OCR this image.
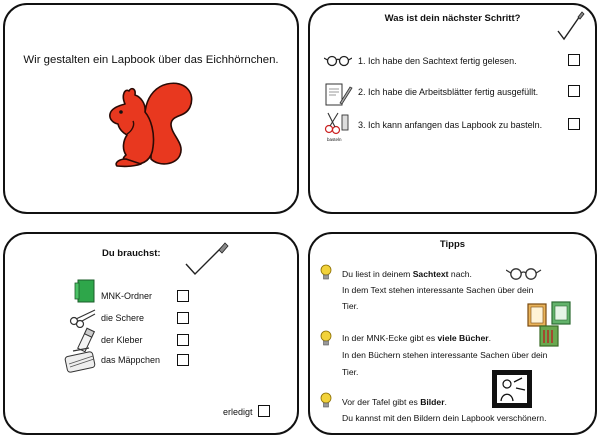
Wir gestalten ein Lapbook über das Eichhörnchen.
Was ist dein nächster Schritt?
1. Ich habe den Sachtext fertig gelesen.
2. Ich habe die Arbeitsblätter fertig ausgefüllt.
basteln
3. Ich kann anfangen das Lapbook zu basteln.
Du brauchst:
MNK-Ordner
die Schere
der Kleber
das Mäppchen
erledigt
Tipps
Du liest in deinem Sachtext nach.
In dem Text stehen interessante Sachen über dein
Tier.
In der MNK-Ecke gibt es viele Bücher.
In den Büchern stehen interessante Sachen über dein
Tier.
Vor der Tafel gibt es Bilder.
Du kannst mit den Bildern dein Lapbook verschönern.
